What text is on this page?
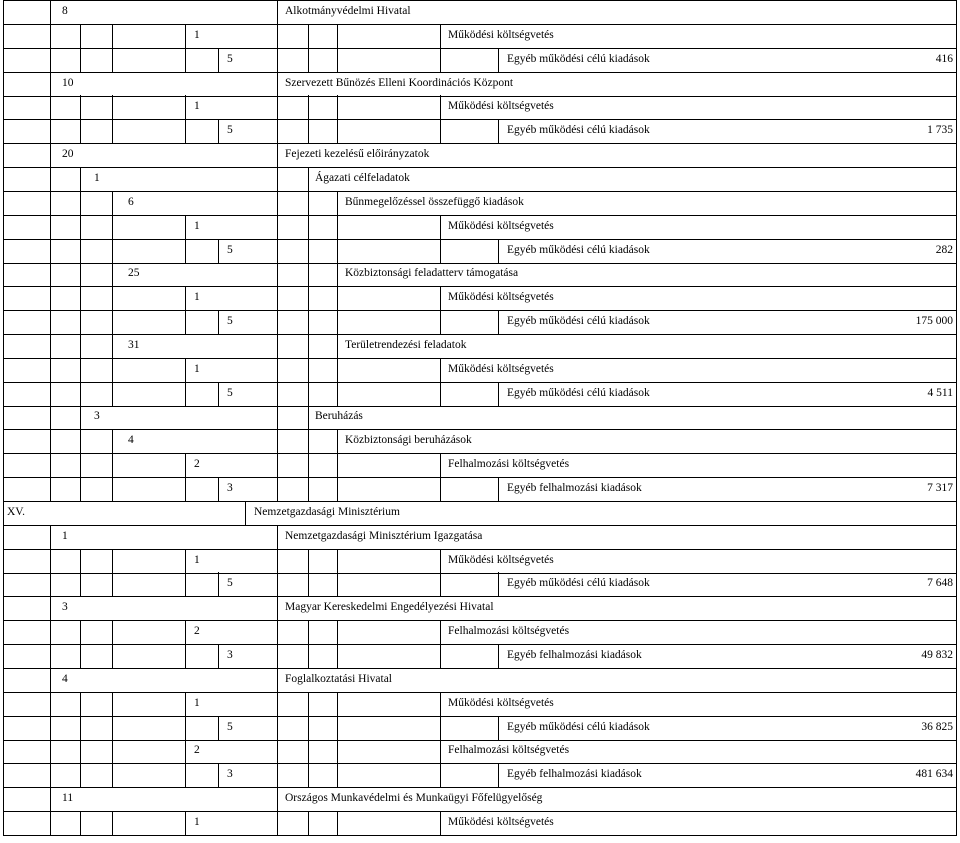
8	Alkotmányvédelmi Hivatal
1	Működési költségvetés
5	Egyéb működési célú kiadások	416
10	Szervezett Bűnözés Elleni Koordinációs Központ
1	Működési költségvetés
5	Egyéb működési célú kiadások	1 735
20	Fejezeti kezelésű előirányzatok
1	Ágazati célfeladatok
6	Bűnmegelőzéssel összefüggő kiadások
1	Működési költségvetés
5	Egyéb működési célú kiadások	282
25	Közbiztonsági feladatterv támogatása
1	Működési költségvetés
5	Egyéb működési célú kiadások	175 000
31	Területrendezési feladatok
1	Működési költségvetés
5	Egyéb működési célú kiadások	4 511
3	Beruházás
4	Közbiztonsági beruházások
2	Felhalmozási költségvetés
3	Egyéb felhalmozási kiadások	7 317
XV.	Nemzetgazdasági Minisztérium
1	Nemzetgazdasági Minisztérium Igazgatása
1	Működési költségvetés
5	Egyéb működési célú kiadások	7 648
3	Magyar Kereskedelmi Engedélyezési Hivatal
2	Felhalmozási költségvetés
3	Egyéb felhalmozási kiadások	49 832
4	Foglalkoztatási Hivatal
1	Működési költségvetés
5	Egyéb működési célú kiadások	36 825
2	Felhalmozási költségvetés
3	Egyéb felhalmozási kiadások	481 634
11	Országos Munkavédelmi és Munkaügyi Főfelügyelőség
1	Működési költségvetés
